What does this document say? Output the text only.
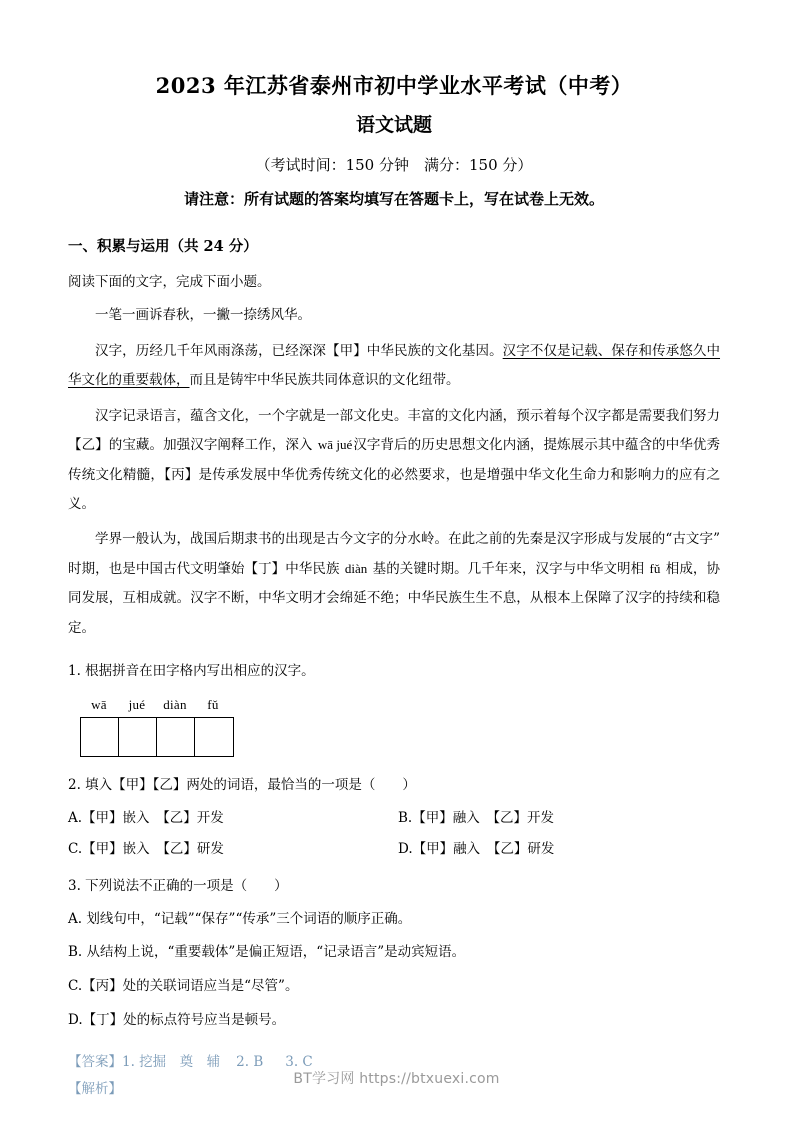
2023 年江苏省泰州市初中学业水平考试（中考）
语文试题
（考试时间：150 分钟　满分：150 分）
请注意：所有试题的答案均填写在答题卡上，写在试卷上无效。
一、积累与运用（共 24 分）
阅读下面的文字，完成下面小题。
一笔一画诉春秋，一撇一捺绣风华。
汉字，历经几千年风雨涤荡，已经深深【甲】中华民族的文化基因。汉字不仅是记载、保存和传承悠久中华文化的重要载体，而且是铸牢中华民族共同体意识的文化纽带。
汉字记录语言，蕴含文化，一个字就是一部文化史。丰富的文化内涵，预示着每个汉字都是需要我们努力【乙】的宝藏。加强汉字阐释工作，深入 wā jué汉字背后的历史思想文化内涵，提炼展示其中蕴含的中华优秀传统文化精髓，【丙】是传承发展中华优秀传统文化的必然要求，也是增强中华文化生命力和影响力的应有之义。
学界一般认为，战国后期隶书的出现是古今文字的分水岭。在此之前的先秦是汉字形成与发展的“古文字”时期，也是中国古代文明肇始【丁】中华民族 diàn 基的关键时期。几千年来，汉字与中华文明相 fǔ 相成，协同发展，互相成就。汉字不断，中华文明才会绵延不绝；中华民族生生不息，从根本上保障了汉字的持续和稳定。
1. 根据拼音在田字格内写出相应的汉字。
wā	jué	diàn	fǔ
2. 填入【甲】【乙】两处的词语，最恰当的一项是（　　）
A.【甲】嵌入　【乙】开发	B.【甲】融入　【乙】开发
C.【甲】嵌入　【乙】研发	D.【甲】融入　【乙】研发
3. 下列说法不正确的一项是（　　）
A. 划线句中，“记载”“保存”“传承”三个词语的顺序正确。
B. 从结构上说，“重要载体”是偏正短语，“记录语言”是动宾短语。
C.【丙】处的关联词语应当是“尽管”。
D.【丁】处的标点符号应当是顿号。
【答案】1. 挖掘　奠　辅 2. B 3. C
【解析】
BT学习网 https://btxuexi.com
